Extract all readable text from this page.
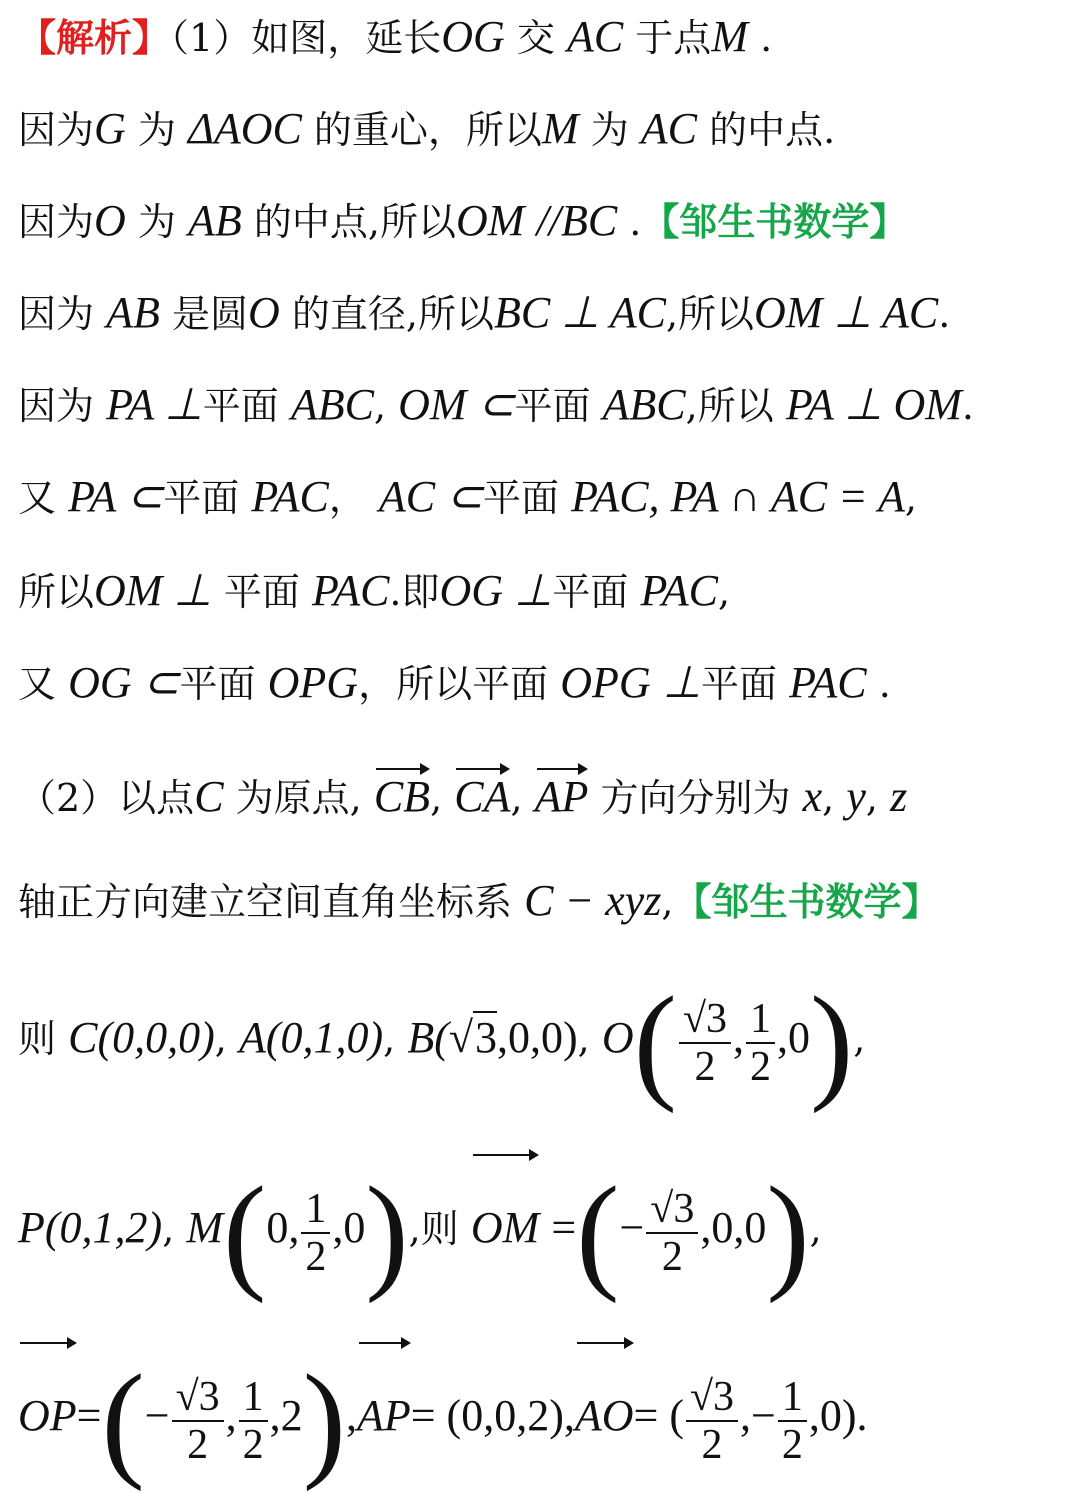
【解析】（1）如图，延长OG 交 AC 于点M .
因为G 为 ΔAOC 的重心，所以M 为 AC 的中点.
因为O 为 AB 的中点,所以OM //BC .【邹生书数学】
因为 AB 是圆O 的直径,所以BC ⊥ AC,所以OM ⊥ AC.
因为 PA ⊥平面 ABC, OM ⊂平面 ABC,所以 PA ⊥ OM.
又 PA ⊂平面 PAC， AC ⊂平面 PAC, PA ∩ AC = A,
所以OM ⊥ 平面 PAC.即OG ⊥平面 PAC,
又 OG ⊂平面 OPG，所以平面 OPG ⊥平面 PAC .
（2）以点C 为原点, CB, CA, AP 方向分别为 x, y, z
轴正方向建立空间直角坐标系 C − xyz,【邹生书数学】
则 C(0,0,0), A(0,1,0), B(√3,0,0), $O( \frac{√3}{2}$ , $\frac{1}{2} ,0$),
P(0,1,2), M(0, $\frac{1}{2} ,0$),则 OM =(− $\frac{√3}{2} ,0,0$),
$OP=(- \frac{√3}{2}$ , $\frac{1}{2} ,2),AP= (0,0,2),AO=$ ( $\frac{√3}{2}$ ,− $\frac{1}{2} ,0$).
